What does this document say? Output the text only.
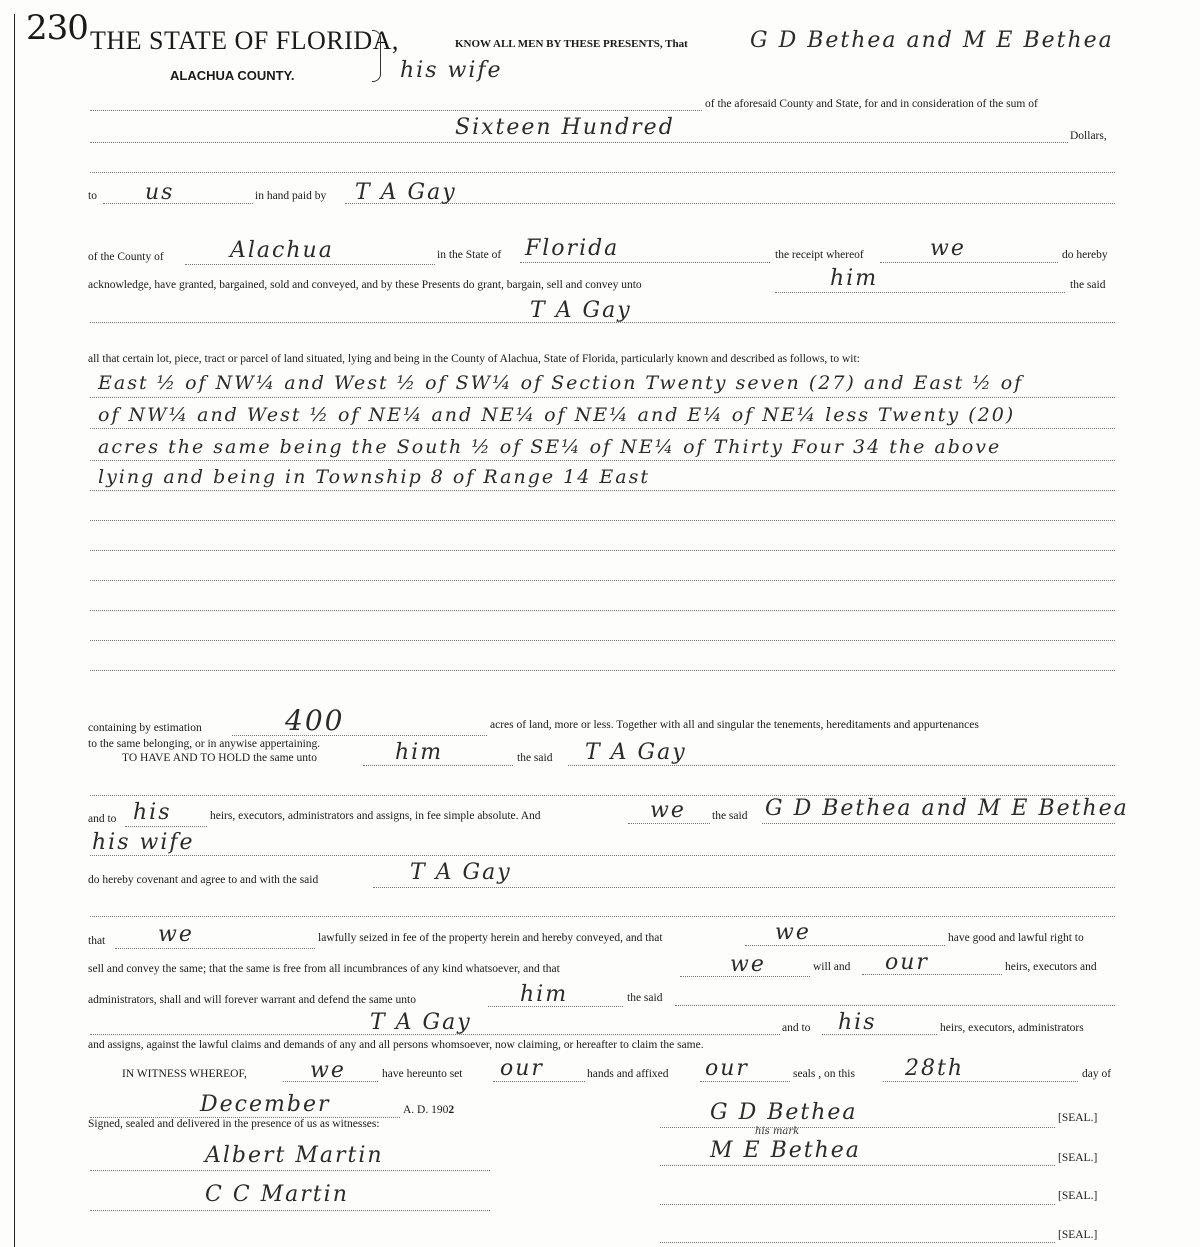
230 THE STATE OF FLORIDA,
ALACHUA COUNTY.
KNOW ALL MEN BY THESE PRESENTS, That	G D Bethea and M E Bethea
his wife
of the aforesaid County and State, for and in consideration of the sum of
Sixteen Hundred	Dollars,
to us	in hand paid by T A Gay
of the County of	Alachua	in the State of Florida	the receipt whereof	we	do hereby
acknowledge, have granted, bargained, sold and conveyed, and by these Presents do grant, bargain, sell and convey unto	him	the said
T A Gay
all that certain lot, piece, tract or parcel of land situated, lying and being in the County of Alachua, State of Florida, particularly known and described as follows, to wit:
East ½ of NW¼ and West ½ of SW¼ of Section Twenty seven (27) and East ½ of
of NW¼ and West ½ of NE¼ and NE¼ of NE¼ and E¼ of NE¼ less Twenty (20)
acres the same being the South ½ of SE¼ of NE¼ of Thirty Four 34 the above
lying and being in Township 8 of Range 14 East
containing by estimation	400	acres of land, more or less. Together with all and singular the tenements, hereditaments and appurtenances
to the same belonging, or in anywise appertaining.
TO HAVE AND TO HOLD the same unto	him	the said T A Gay
and to his	heirs, executors, administrators and assigns, in fee simple absolute. And	we the said G D Bethea and M E Bethea
his wife
do hereby covenant and agree to and with the said	T A Gay
that we	lawfully seized in fee of the property herein and hereby conveyed, and that	we	have good and lawful right to
sell and convey the same; that the same is free from all incumbrances of any kind whatsoever, and that	we	will and our	heirs, executors and
administrators, shall and will forever warrant and defend the same unto	him	the said
T A Gay	and to his	heirs, executors, administrators
and assigns, against the lawful claims and demands of any and all persons whomsoever, now claiming, or hereafter to claim the same.
IN WITNESS WHEREOF,	we	have hereunto set our	hands and affixed our	seals , on this 28th	day of
December	A. D. 1902
Signed, sealed and delivered in the presence of us as witnesses:	G D Bethea
his mark
[SEAL.]
M E Bethea	[SEAL.]
[SEAL.]
[SEAL.]
Albert Martin
C C Martin
